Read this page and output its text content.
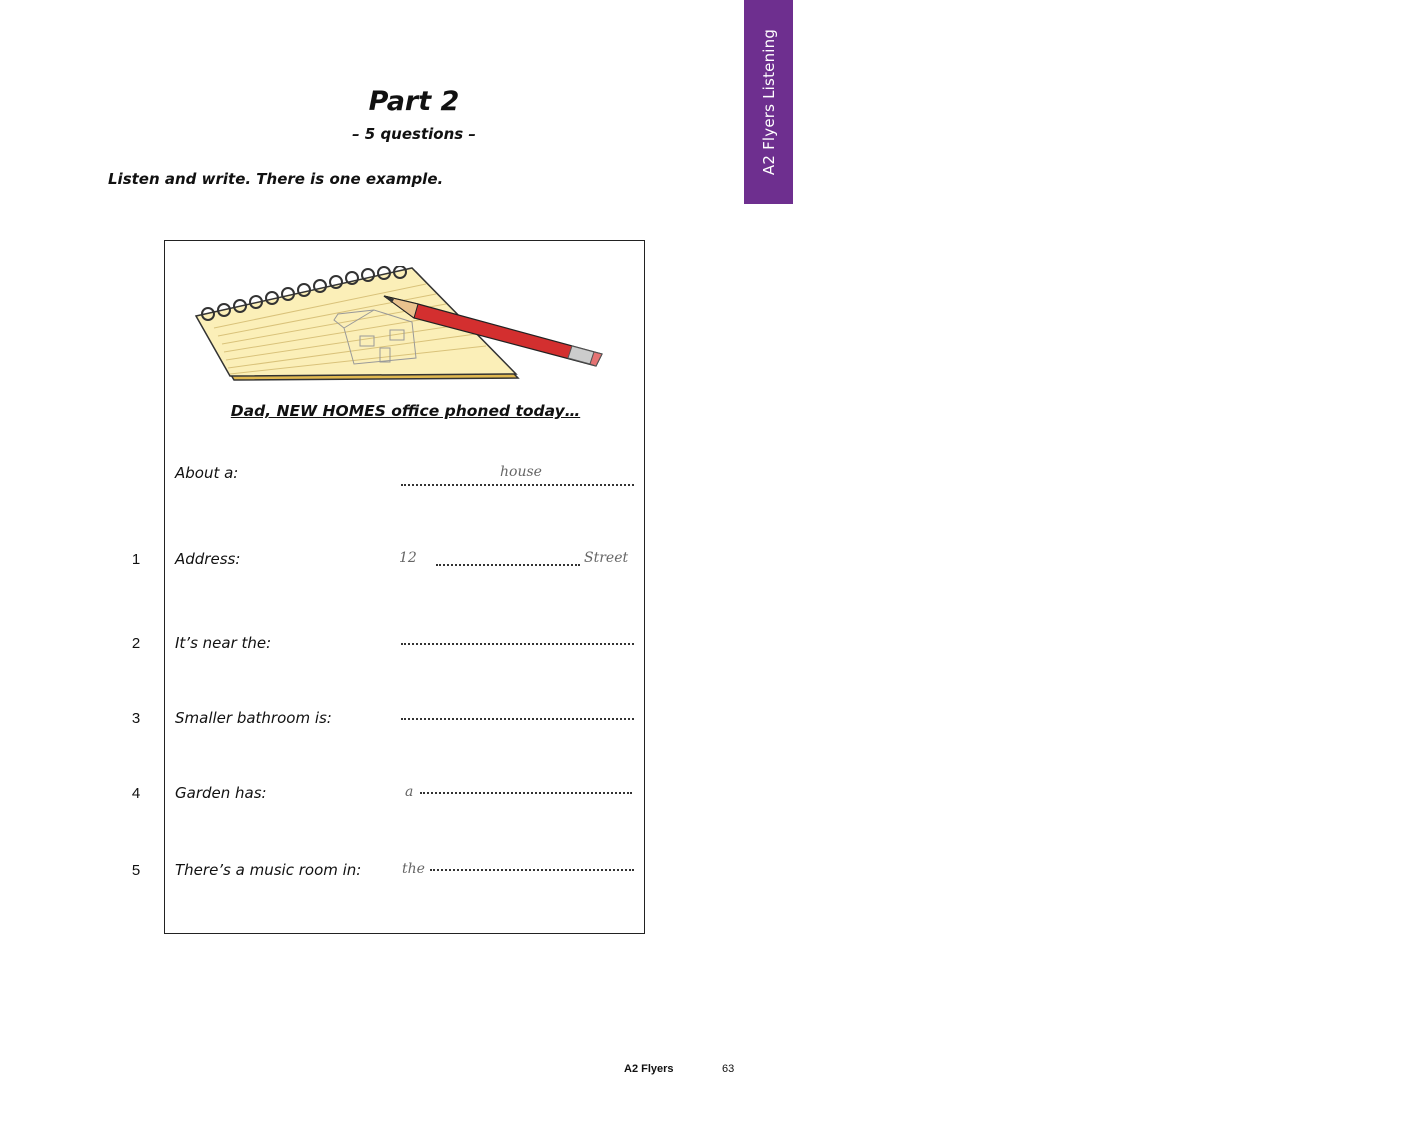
A2 Flyers Listening
Part 2
– 5 questions –
Listen and write. There is one example.
Dad, NEW HOMES office phoned today…
About a:	house
1	Address:	12	Street
2	It’s near the:
3	Smaller bathroom is:
4	Garden has:	a
5	There’s a music room in:	the
A2 Flyers	63
